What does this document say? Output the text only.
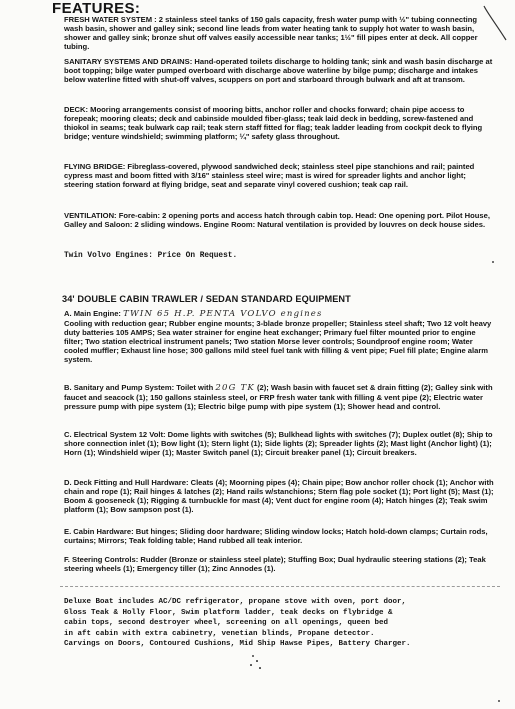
FEATURES:

FRESH WATER SYSTEM : 2 stainless steel tanks of 150 gals capacity, fresh water pump with ½" tubing connecting wash basin, shower and galley sink; second line leads from water heating tank to supply hot water to wash basin, shower and galley sink; bronze shut off valves easily accessible near tanks; 1½" fill pipes enter at deck. All copper tubing.

SANITARY SYSTEMS AND DRAINS: Hand-operated toilets discharge to holding tank; sink and wash basin discharge at boot topping; bilge water pumped overboard with discharge above waterline by bilge pump; discharge and intakes below waterline fitted with shut-off valves, scuppers on port and starboard through bulwark and aft at transom.

DECK: Mooring arrangements consist of mooring bitts, anchor roller and chocks forward; chain pipe access to forepeak; mooring cleats; deck and cabinside moulded fiber-glass; teak laid deck in bedding, screw-fastened and thiokol in seams; teak bulwark cap rail; teak stern staff fitted for flag; teak ladder leading from cockpit deck to flying bridge; venture windshield; swimming platform; ¼" safety glass throughout.

FLYING BRIDGE: Fibreglass-covered, plywood sandwiched deck; stainless steel pipe stanchions and rail; painted cypress mast and boom fitted with 3/16" stainless steel wire; mast is wired for spreader lights and anchor light; steering station forward at flying bridge, seat and separate vinyl covered cushion; teak cap rail.

VENTILATION: Fore-cabin: 2 opening ports and access hatch through cabin top. Head: One opening port. Pilot House, Galley and Saloon: 2 sliding windows. Engine Room: Natural ventilation is provided by louvres on deck house sides.

Twin Volvo Engines: Price On Request.
34' DOUBLE CABIN TRAWLER / SEDAN STANDARD EQUIPMENT

A. Main Engine: TWIN 65 H.P. PENTA VOLVO engines
Cooling with reduction gear; Rubber engine mounts; 3-blade bronze propeller; Stainless steel shaft; Two 12 volt heavy duty batteries 105 AMPS; Sea water strainer for engine heat exchanger; Primary fuel filter mounted prior to engine filter; Two station electrical instrument panels; Two station Morse lever controls; Soundproof engine room; Water cooled muffler; Exhaust line hose; 300 gallons mild steel fuel tank with filling & vent pipe; Fuel fill plate; Engine alarm system.

B. Sanitary and Pump System: Toilet with 20G TK (2); Wash basin with faucet set & drain fitting (2); Galley sink with faucet and seacock (1); 150 gallons stainless steel, or FRP fresh water tank with filling & vent pipe (2); Electric water pressure pump with pipe system (1); Electric bilge pump with pipe system (1); Shower head and control.

C. Electrical System 12 Volt: Dome lights with switches (5); Bulkhead lights with switches (7); Duplex outlet (8); Ship to shore connection inlet (1); Bow light (1); Stern light (1); Side lights (2); Spreader lights (2); Mast light (Anchor light) (1); Horn (1); Windshield wiper (1); Master Switch panel (1); Circuit breaker panel (1); Circuit breakers.

D. Deck Fitting and Hull Hardware: Cleats (4); Moorning pipes (4); Chain pipe; Bow anchor roller chock (1); Anchor with chain and rope (1); Rail hinges & latches (2); Hand rails w/stanchions; Stern flag pole socket (1); Port light (5); Mast (1); Boom & gooseneck (1); Rigging & turnbuckle for mast (4); Vent duct for engine room (4); Hatch hinges (2); Teak swim platform (1); Bow sampson post (1).

E. Cabin Hardware: But hinges; Sliding door hardware; Sliding window locks; Hatch hold-down clamps; Curtain rods, curtains; Mirrors; Teak folding table; Hand rubbed all teak interior.

F. Steering Controls: Rudder (Bronze or stainless steel plate); Stuffing Box; Dual hydraulic steering stations (2); Teak steering wheels (1); Emergency tiller (1); Zinc Annodes (1).

Deluxe Boat includes AC/DC refrigerator, propane stove with oven, port door,
Gloss Teak & Holly Floor, Swim platform ladder, teak decks on flybridge &
cabin tops, second destroyer wheel, screening on all openings, queen bed
in aft cabin with extra cabinetry, venetian blinds, Propane detector.
Carvings on Doors, Contoured Cushions, Mid Ship Hawse Pipes, Battery Charger.
